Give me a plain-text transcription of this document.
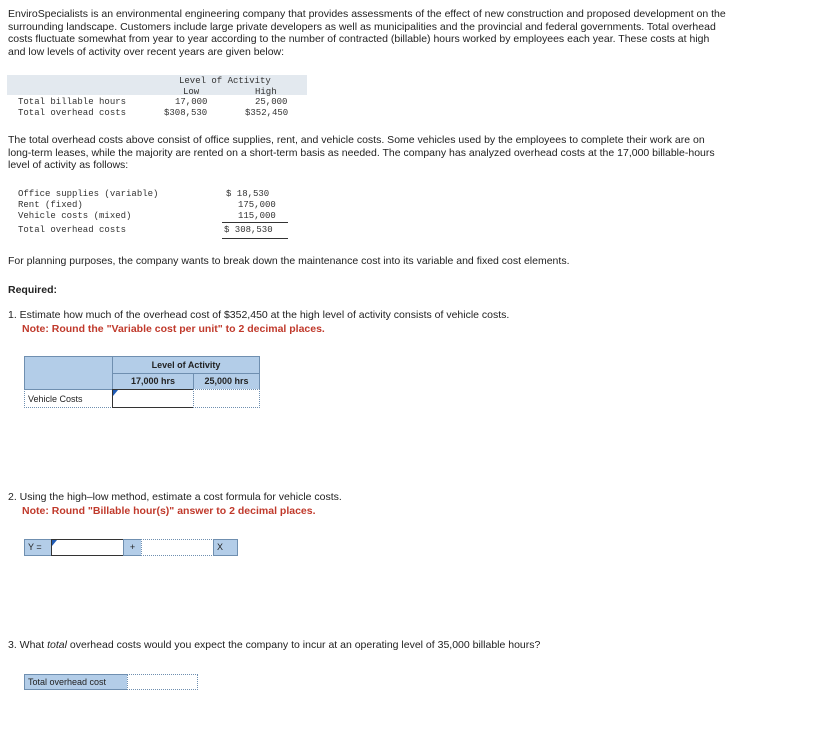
EnviroSpecialists is an environmental engineering company that provides assessments of the effect of new construction and proposed development on the surrounding landscape. Customers include large private developers as well as municipalities and the provincial and federal governments. Total overhead costs fluctuate somewhat from year to year according to the number of contracted (billable) hours worked by employees each year. These costs at high and low levels of activity over recent years are given below:

Level of Activity
Low	High
Total billable hours	17,000	25,000
Total overhead costs	$308,530	$352,450

The total overhead costs above consist of office supplies, rent, and vehicle costs. Some vehicles used by the employees to complete their work are on long-term leases, while the majority are rented on a short-term basis as needed. The company has analyzed overhead costs at the 17,000 billable-hours level of activity as follows:

Office supplies (variable)	$ 18,530
Rent (fixed)	175,000
Vehicle costs (mixed)	115,000
Total overhead costs	$ 308,530

For planning purposes, the company wants to break down the maintenance cost into its variable and fixed cost elements.

Required:
1. Estimate how much of the overhead cost of $352,450 at the high level of activity consists of vehicle costs.
Note: Round the "Variable cost per unit" to 2 decimal places.
Level of Activity
17,000 hrs	25,000 hrs
Vehicle Costs
2. Using the high–low method, estimate a cost formula for vehicle costs.
Note: Round "Billable hour(s)" answer to 2 decimal places.
Y =	+	X
3. What total overhead costs would you expect the company to incur at an operating level of 35,000 billable hours?
Total overhead cost
